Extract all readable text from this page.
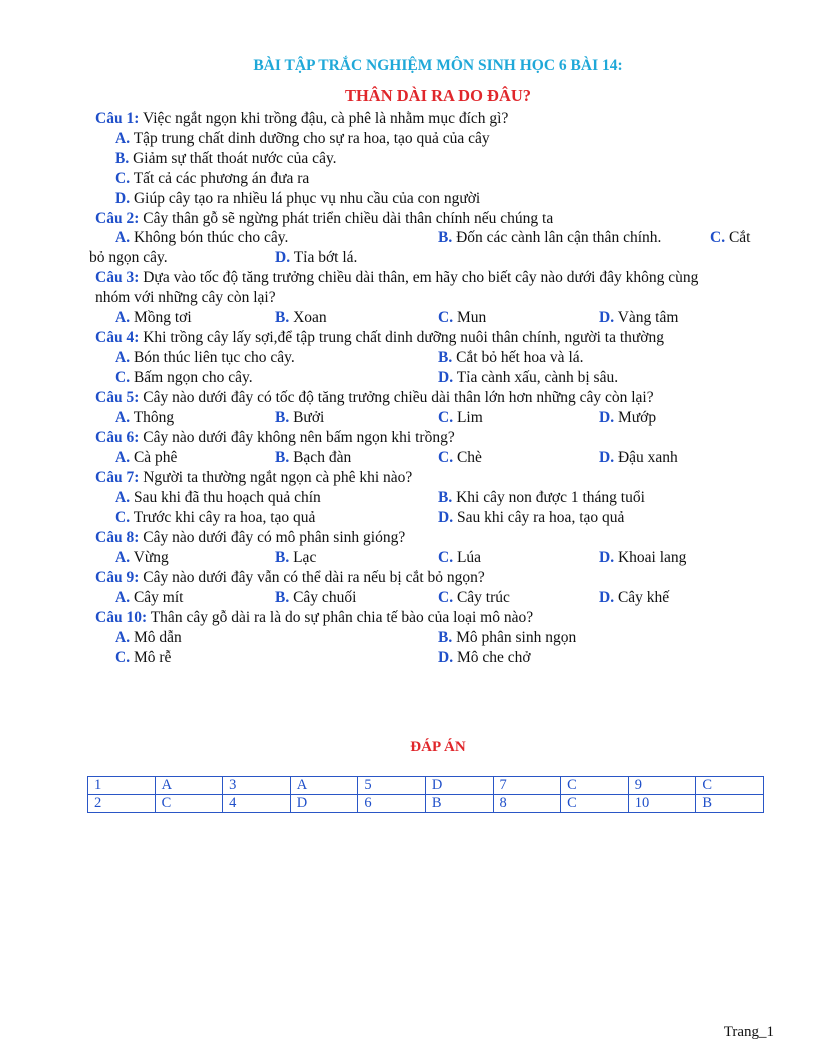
BÀI TẬP TRẮC NGHIỆM MÔN SINH HỌC 6 BÀI 14:
THÂN DÀI RA DO ĐÂU?
Câu 1: Việc ngắt ngọn khi trồng đậu, cà phê là nhằm mục đích gì?
A. Tập trung chất dinh dưỡng cho sự ra hoa, tạo quả của cây
B. Giảm sự thất thoát nước của cây.
C. Tất cả các phương án đưa ra
D. Giúp cây tạo ra nhiều lá phục vụ nhu cầu của con người
Câu 2: Cây thân gỗ sẽ ngừng phát triển chiều dài thân chính nếu chúng ta
A. Không bón thúc cho cây.	B. Đốn các cành lân cận thân chính.	C. Cắt
bỏ ngọn cây.	D. Tỉa bớt lá.
Câu 3: Dựa vào tốc độ tăng trưởng chiều dài thân, em hãy cho biết cây nào dưới đây không cùng
nhóm với những cây còn lại?
A. Mồng tơi	B. Xoan	C. Mun	D. Vàng tâm
Câu 4: Khi trồng cây lấy sợi,để tập trung chất dinh dưỡng nuôi thân chính, người ta thường
A. Bón thúc liên tục cho cây.	B. Cắt bỏ hết hoa và lá.
C. Bấm ngọn cho cây.	D. Tỉa cành xấu, cành bị sâu.
Câu 5: Cây nào dưới đây có tốc độ tăng trưởng chiều dài thân lớn hơn những cây còn lại?
A. Thông	B. Bưởi	C. Lim	D. Mướp
Câu 6: Cây nào dưới đây không nên bấm ngọn khi trồng?
A. Cà phê	B. Bạch đàn	C. Chè	D. Đậu xanh
Câu 7: Người ta thường ngắt ngọn cà phê khi nào?
A. Sau khi đã thu hoạch quả chín	B. Khi cây non được 1 tháng tuổi
C. Trước khi cây ra hoa, tạo quả	D. Sau khi cây ra hoa, tạo quả
Câu 8: Cây nào dưới đây có mô phân sinh gióng?
A. Vừng	B. Lạc	C. Lúa	D. Khoai lang
Câu 9: Cây nào dưới đây vẫn có thể dài ra nếu bị cắt bỏ ngọn?
A. Cây mít	B. Cây chuối	C. Cây trúc	D. Cây khế
Câu 10: Thân cây gỗ dài ra là do sự phân chia tế bào của loại mô nào?
A. Mô dẫn	B. Mô phân sinh ngọn
C. Mô rễ	D. Mô che chở
ĐÁP ÁN
1	A	3	A	5	D	7	C	9	C
2	C	4	D	6	B	8	C	10	B
Trang_1
